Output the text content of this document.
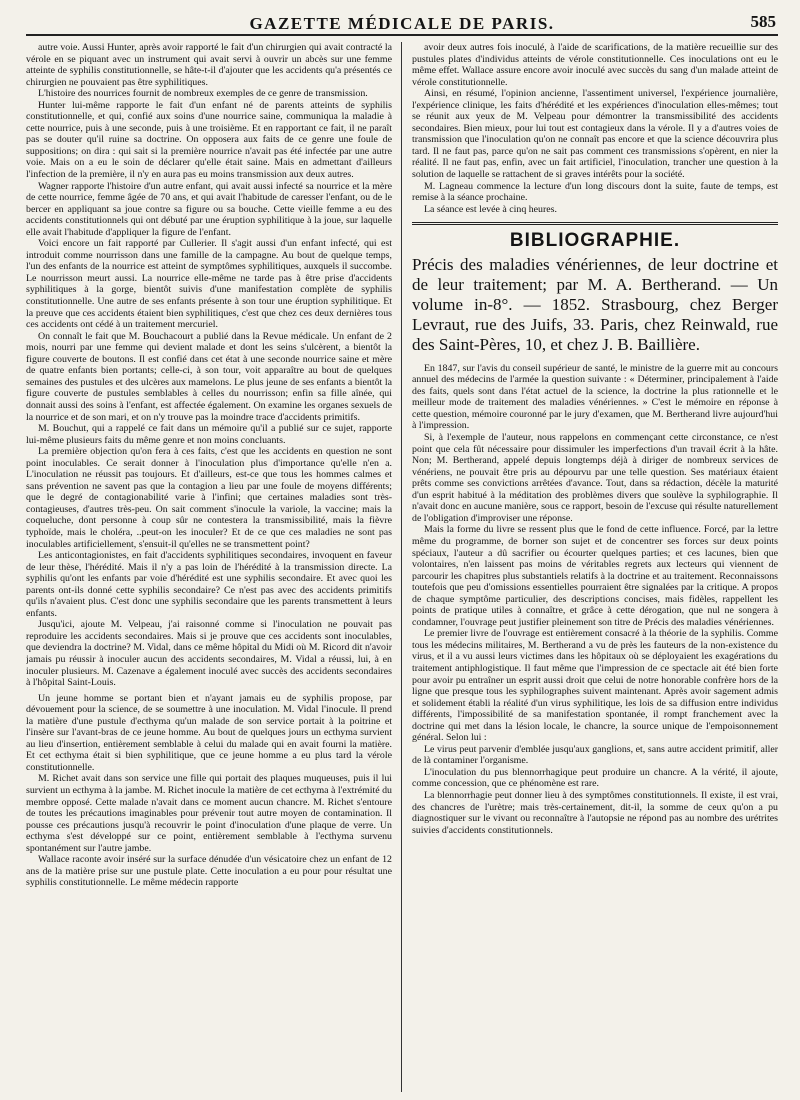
GAZETTE MÉDICALE DE PARIS.	585

autre voie. Aussi Hunter, après avoir rapporté le fait d'un chirurgien qui avait contracté la vérole en se piquant avec un instrument qui avait servi à ouvrir un abcès sur une femme atteinte de syphilis constitutionnelle, se hâte-t-il d'ajouter que les accidents qu'a présentés ce chirurgien ne pouvaient pas être syphilitiques.

L'histoire des nourrices fournit de nombreux exemples de ce genre de transmission.

Hunter lui-même rapporte le fait d'un enfant né de parents atteints de syphilis constitutionnelle, et qui, confié aux soins d'une nourrice saine, communiqua la maladie à cette nourrice, puis à une seconde, puis à une troisième. Et en rapportant ce fait, il ne paraît pas se douter qu'il ruine sa doctrine. On opposera aux faits de ce genre une foule de suppositions; on dira : qui sait si la première nourrice n'avait pas été infectée par une autre voie. Mais on a eu le soin de déclarer qu'elle était saine. Mais en admettant d'ailleurs l'infection de la première, il n'y en aura pas eu moins transmission aux deux autres.

Wagner rapporte l'histoire d'un autre enfant, qui avait aussi infecté sa nourrice et la mère de cette nourrice, femme âgée de 70 ans, et qui avait l'habitude de caresser l'enfant, ou de le bercer en appliquant sa joue contre sa figure ou sa bouche. Cette vieille femme a eu des accidents constitutionnels qui ont débuté par une éruption syphilitique à la joue, sur laquelle elle avait l'habitude d'appliquer la figure de l'enfant.

Voici encore un fait rapporté par Cullerier. Il s'agit aussi d'un enfant infecté, qui est introduit comme nourrisson dans une famille de la campagne. Au bout de quelque temps, l'un des enfants de la nourrice est atteint de symptômes syphilitiques, auxquels il succombe. Le nourrisson meurt aussi. La nourrice elle-même ne tarde pas à être prise d'accidents syphilitiques à la gorge, bientôt suivis d'une manifestation complète de syphilis constitutionnelle. Une autre de ses enfants présente à son tour une éruption syphilitique. Et la preuve que ces accidents étaient bien syphilitiques, c'est que chez ces deux dernières tous ces accidents ont cédé à un traitement mercuriel.

On connaît le fait que M. Bouchacourt a publié dans la Revue médicale. Un enfant de 2 mois, nourri par une femme qui devient malade et dont les seins s'ulcèrent, a bientôt la figure couverte de boutons. Il est confié dans cet état à une seconde nourrice saine et mère de quatre enfants bien portants; celle-ci, à son tour, voit apparaître au bout de quelques semaines des pustules et des ulcères aux mamelons. Le plus jeune de ses enfants a bientôt la figure couverte de pustules semblables à celles du nourrisson; enfin sa fille aînée, qui donnait aussi des soins à l'enfant, est affectée également. On examine les organes sexuels de la nourrice et de son mari, et on n'y trouve pas la moindre trace d'accidents primitifs.

M. Bouchut, qui a rappelé ce fait dans un mémoire qu'il a publié sur ce sujet, rapporte lui-même plusieurs faits du même genre et non moins concluants.

La première objection qu'on fera à ces faits, c'est que les accidents en question ne sont point inoculables. Ce serait donner à l'inoculation plus d'importance qu'elle n'en a. L'inoculation ne réussit pas toujours. Et d'ailleurs, est-ce que tous les hommes calmes et sans prévention ne savent pas que la contagion a lieu par une foule de moyens différents; que le degré de contagionabilité varie à l'infini; que certaines maladies sont très-contagieuses, d'autres très-peu. On sait comment s'inocule la variole, la vaccine; mais la coqueluche, dont personne à coup sûr ne contestera la transmissibilité, mais la fièvre typhoïde, mais le choléra, ..peut-on les inoculer? Et de ce que ces maladies ne sont pas inoculables artificiellement, s'ensuit-il qu'elles ne se transmettent point?

Les anticontagionistes, en fait d'accidents syphilitiques secondaires, invoquent en faveur de leur thèse, l'hérédité. Mais il n'y a pas loin de l'hérédité à la transmission directe. La syphilis qu'ont les enfants par voie d'hérédité est une syphilis secondaire. Et avec quoi les parents ont-ils donné cette syphilis secondaire? Ce n'est pas avec des accidents primitifs qu'ils n'avaient plus. C'est donc une syphilis secondaire que les parents transmettent à leurs enfants.

Jusqu'ici, ajoute M. Velpeau, j'ai raisonné comme si l'inoculation ne pouvait pas reproduire les accidents secondaires. Mais si je prouve que ces accidents sont inoculables, que deviendra la doctrine? M. Vidal, dans ce même hôpital du Midi où M. Ricord dit n'avoir jamais pu réussir à inoculer aucun des accidents secondaires, M. Vidal a réussi, lui, à en inoculer plusieurs. M. Cazenave a également inoculé avec succès des accidents secondaires à l'hôpital Saint-Louis.

Un jeune homme se portant bien et n'ayant jamais eu de syphilis propose, par dévouement pour la science, de se soumettre à une inoculation. M. Vidal l'inocule. Il prend la matière d'une pustule d'ecthyma qu'un malade de son service portait à la poitrine et l'insère sur l'avant-bras de ce jeune homme. Au bout de quelques jours un ecthyma survient au lieu d'insertion, entièrement semblable à celui du malade qui en avait fourni la matière. Et cet ecthyma était si bien syphilitique, que ce jeune homme a eu plus tard la vérole constitutionnelle.

M. Richet avait dans son service une fille qui portait des plaques muqueuses, puis il lui survient un ecthyma à la jambe. M. Richet inocule la matière de cet ecthyma à l'extrémité du membre opposé. Cette malade n'avait dans ce moment aucun chancre. M. Richet s'entoure de toutes les précautions imaginables pour prévenir tout autre moyen de contamination. Il pousse ces précautions jusqu'à recouvrir le point d'inoculation d'une plaque de verre. Un ecthyma s'est développé sur ce point, entièrement semblable à l'ecthyma survenu spontanément sur l'autre jambe.

Wallace raconte avoir inséré sur la surface dénudée d'un vésicatoire chez un enfant de 12 ans de la matière prise sur une pustule plate. Cette inoculation a eu pour pour résultat une syphilis constitutionnelle. Le même médecin rapporte

avoir deux autres fois inoculé, à l'aide de scarifications, de la matière recueillie sur des pustules plates d'individus atteints de vérole constitutionnelle. Ces inoculations ont eu le même effet. Wallace assure encore avoir inoculé avec succès du sang d'un malade atteint de vérole constitutionnelle.

Ainsi, en résumé, l'opinion ancienne, l'assentiment universel, l'expérience journalière, l'expérience clinique, les faits d'hérédité et les expériences d'inoculation elles-mêmes; tout se réunit aux yeux de M. Velpeau pour démontrer la transmissibilité des accidents secondaires. Bien mieux, pour lui tout est contagieux dans la vérole. Il y a d'autres voies de transmission que l'inoculation qu'on ne connaît pas encore et que la science découvrira plus tard. Il ne faut pas, parce qu'on ne sait pas comment ces transmissions s'opèrent, en nier la réalité. Il ne faut pas, enfin, avec un fait artificiel, l'inoculation, trancher une question à la solution de laquelle se rattachent de si graves intérêts pour la société.

M. Lagneau commence la lecture d'un long discours dont la suite, faute de temps, est remise à la séance prochaine.

La séance est levée à cinq heures.

BIBLIOGRAPHIE.
Précis des maladies vénériennes, de leur doctrine et de leur traitement; par M. A. Bertherand. — Un volume in-8°. — 1852. Strasbourg, chez Berger Levraut, rue des Juifs, 33. Paris, chez Reinwald, rue des Saint-Pères, 10, et chez J. B. Baillière.

En 1847, sur l'avis du conseil supérieur de santé, le ministre de la guerre mit au concours annuel des médecins de l'armée la question suivante : « Déterminer, principalement à l'aide des faits, quels sont dans l'état actuel de la science, la doctrine la plus rationnelle et le meilleur mode de traitement des maladies vénériennes. » C'est le mémoire en réponse à cette question, mémoire couronné par le jury d'examen, que M. Bertherand livre aujourd'hui à l'impression.

Si, à l'exemple de l'auteur, nous rappelons en commençant cette circonstance, ce n'est point que cela fût nécessaire pour dissimuler les imperfections d'un travail écrit à la hâte. Non; M. Bertherand, appelé depuis longtemps déjà à diriger de nombreux services de vénériens, ne pouvait être pris au dépourvu par une telle question. Ses matériaux étaient prêts comme ses convictions arrêtées d'avance. Tout, dans sa rédaction, décèle la maturité d'un esprit habitué à la méditation des problèmes divers que soulève la syphilographie. Il n'avait donc en aucune manière, sous ce rapport, besoin de l'excuse qui résulte naturellement de l'obligation d'improviser une réponse.

Mais la forme du livre se ressent plus que le fond de cette influence. Forcé, par la lettre même du programme, de borner son sujet et de concentrer ses forces sur deux points spéciaux, l'auteur a dû sacrifier ou écourter quelques parties; et ces lacunes, bien que volontaires, n'en laissent pas moins de véritables regrets aux lecteurs qui viennent de parcourir les chapitres plus substantiels relatifs à la doctrine et au traitement. Reconnaissons toutefois que peu d'omissions essentielles pourraient être signalées par la critique. A propos de chaque symptôme particulier, des descriptions concises, mais fidèles, rappellent les points de pratique utiles à connaître, et grâce à cette dérogation, que nul ne songera à condamner, l'ouvrage peut justifier pleinement son titre de Précis des maladies vénériennes.

Le premier livre de l'ouvrage est entièrement consacré à la théorie de la syphilis. Comme tous les médecins militaires, M. Bertherand a vu de près les fauteurs de la non-existence du virus, et il a vu aussi leurs victimes dans les hôpitaux où se déployaient les exagérations du traitement antiphlogistique. Il faut même que l'impression de ce spectacle ait été bien forte pour avoir pu entraîner un esprit aussi droit que celui de notre honorable confrère hors de la ligne que presque tous les syphilographes suivent maintenant. Après avoir sagement admis et solidement établi la réalité d'un virus syphilitique, les lois de sa diffusion entre individus différents, l'impossibilité de sa manifestation spontanée, il rompt franchement avec la doctrine qui met dans la lésion locale, le chancre, la source unique de l'empoisonnement général. Selon lui :

Le virus peut parvenir d'emblée jusqu'aux ganglions, et, sans autre accident primitif, aller de là contaminer l'organisme.

L'inoculation du pus blennorrhagique peut produire un chancre. A la vérité, il ajoute, comme concession, que ce phénomène est rare.

La blennorrhagie peut donner lieu à des symptômes constitutionnels. Il existe, il est vrai, des chancres de l'urètre; mais très-certainement, dit-il, la somme de ceux qu'on a pu diagnostiquer sur le vivant ou reconnaître à l'autopsie ne répond pas au nombre des urétrites suivies d'accidents constitutionnels.
